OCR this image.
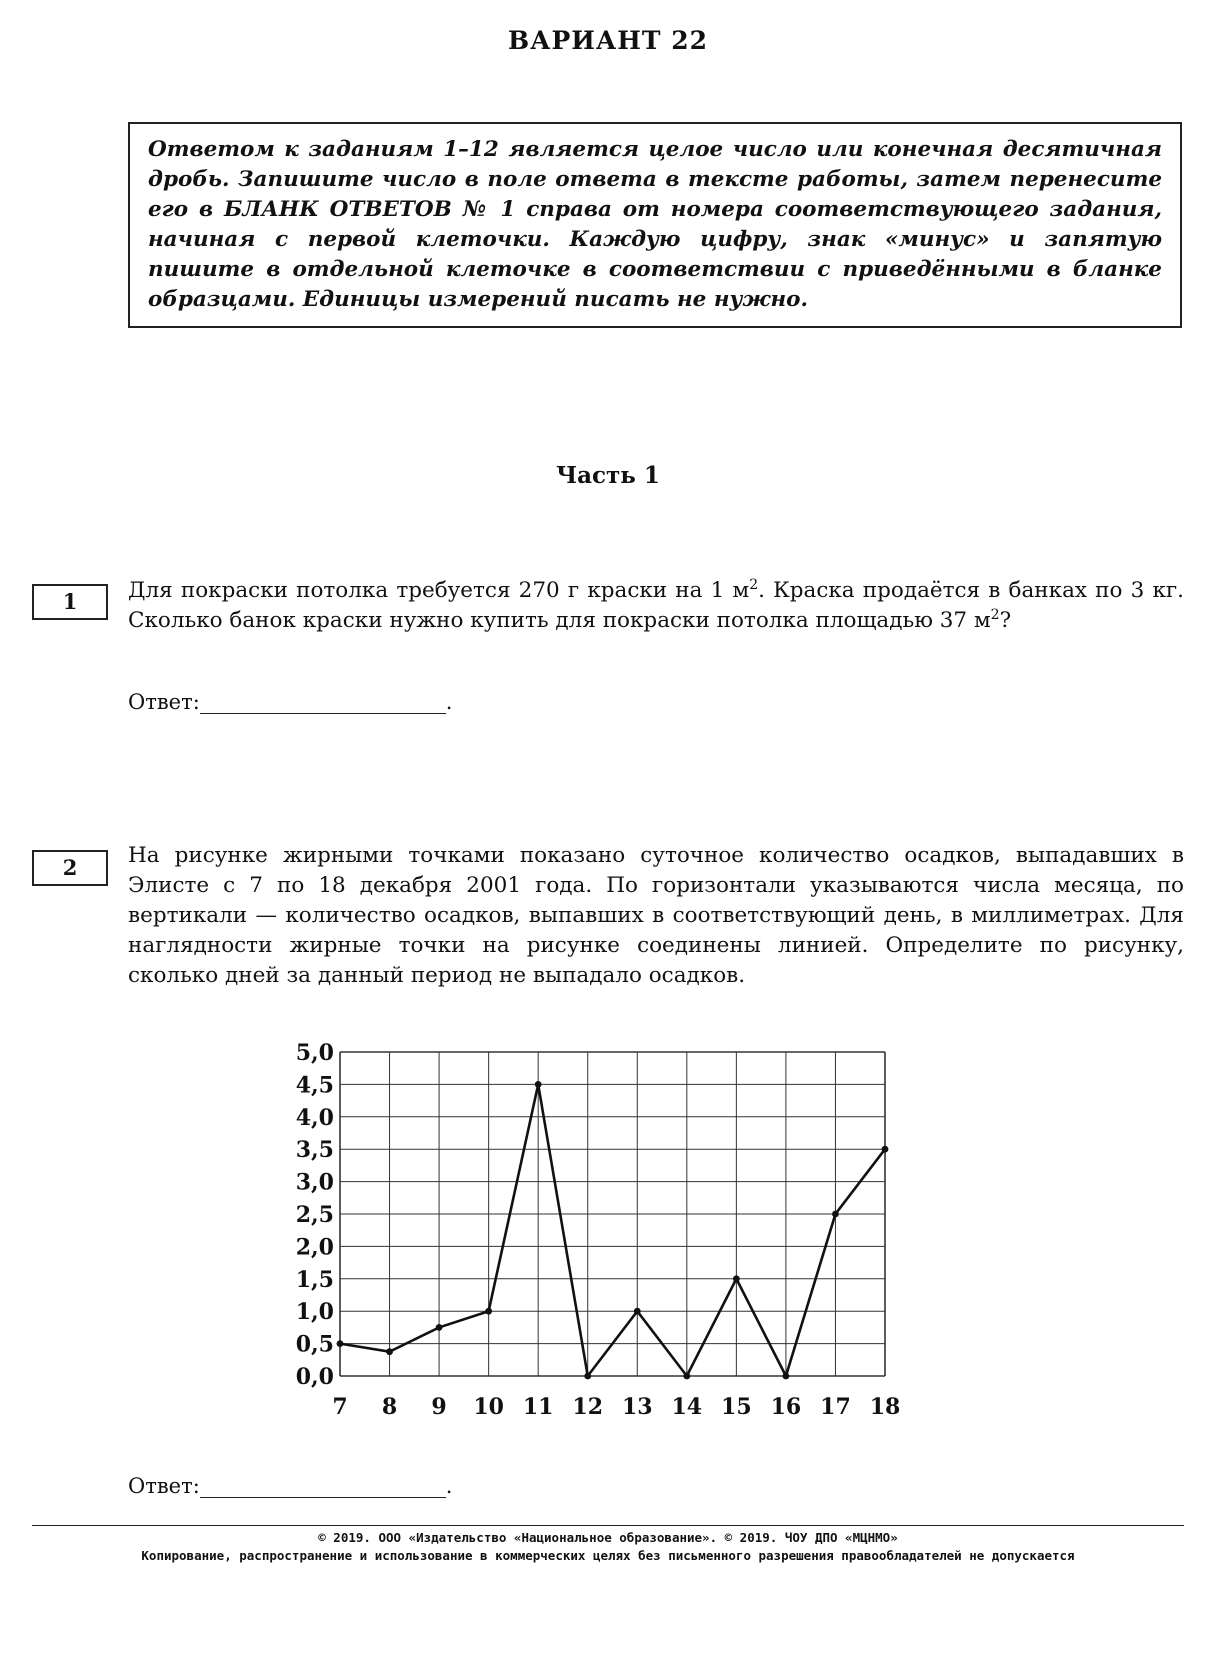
ВАРИАНТ 22
Ответом к заданиям 1–12 является целое число или конечная десятичная дробь. Запишите число в поле ответа в тексте работы, затем перенесите его в БЛАНК ОТВЕТОВ № 1 справа от номера соответствующего задания, начиная с первой клеточки. Каждую цифру, знак «минус» и запятую пишите в отдельной клеточке в соответствии с приведёнными в бланке образцами. Единицы измерений писать не нужно.
Часть 1
1	Для покраски потолка требуется 270 г краски на 1 $м^2$. Краска продаётся в банках по 3 кг. Сколько банок краски нужно купить для покраски потолка площадью 37 $м^2$?
Ответ:	.
2	На рисунке жирными точками показано суточное количество осадков, выпадавших в Элисте с 7 по 18 декабря 2001 года. По горизонтали указываются числа месяца, по вертикали — количество осадков, выпавших в соответствующий день, в миллиметрах. Для наглядности жирные точки на рисунке соединены линией. Определите по рисунку, сколько дней за данный период не выпадало осадков.
0,0
0,5
1,0
1,5
2,0
2,5
3,0
3,5
4,0
4,5
5,0
7 8 9 10 11 12 13 14 15 16 17 18
Ответ:	.
© 2019. ООО «Издательство «Национальное образование». © 2019. ЧОУ ДПО «МЦНМО»
Копирование, распространение и использование в коммерческих целях без письменного разрешения правообладателей не допускается
